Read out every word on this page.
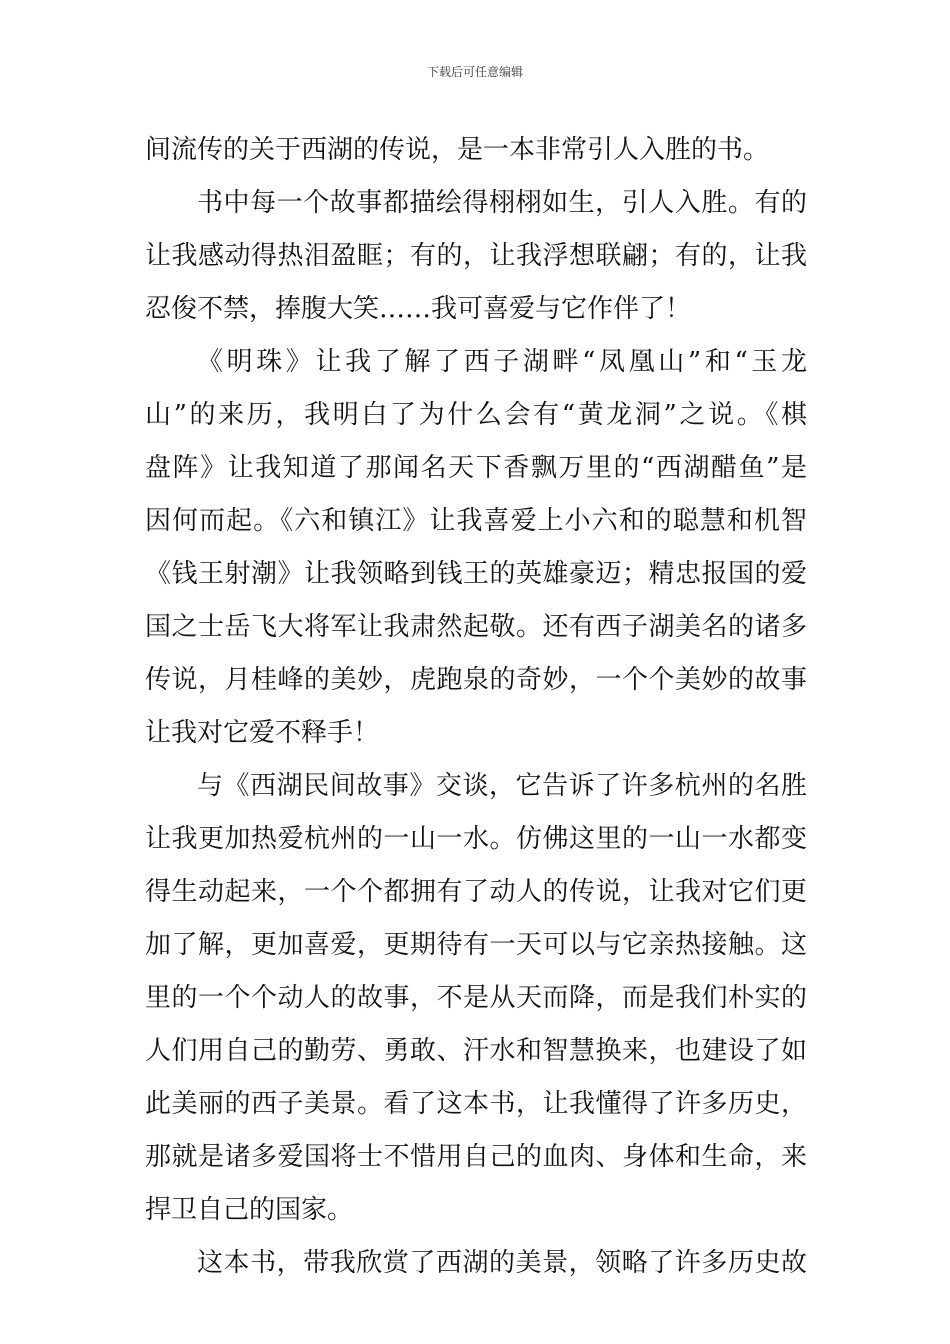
下载后可任意编辑
间流传的关于西湖的传说，是一本非常引人入胜的书。
书中每一个故事都描绘得栩栩如生，引人入胜。有的
让我感动得热泪盈眶；有的，让我浮想联翩；有的，让我
忍俊不禁，捧腹大笑……我可喜爱与它作伴了！
《明珠》让我了解了西子湖畔“凤凰山”和“玉龙
山”的来历，我明白了为什么会有“黄龙洞”之说。《棋
盘阵》让我知道了那闻名天下香飘万里的“西湖醋鱼”是
因何而起。《六和镇江》让我喜爱上小六和的聪慧和机智
《钱王射潮》让我领略到钱王的英雄豪迈；精忠报国的爱
国之士岳飞大将军让我肃然起敬。还有西子湖美名的诸多
传说，月桂峰的美妙，虎跑泉的奇妙，一个个美妙的故事
让我对它爱不释手！
与《西湖民间故事》交谈，它告诉了许多杭州的名胜
让我更加热爱杭州的一山一水。仿佛这里的一山一水都变
得生动起来，一个个都拥有了动人的传说，让我对它们更
加了解，更加喜爱，更期待有一天可以与它亲热接触。这
里的一个个动人的故事，不是从天而降，而是我们朴实的
人们用自己的勤劳、勇敢、汗水和智慧换来，也建设了如
此美丽的西子美景。看了这本书，让我懂得了许多历史，
那就是诸多爱国将士不惜用自己的血肉、身体和生命，来
捍卫自己的国家。
这本书，带我欣赏了西湖的美景，领略了许多历史故
